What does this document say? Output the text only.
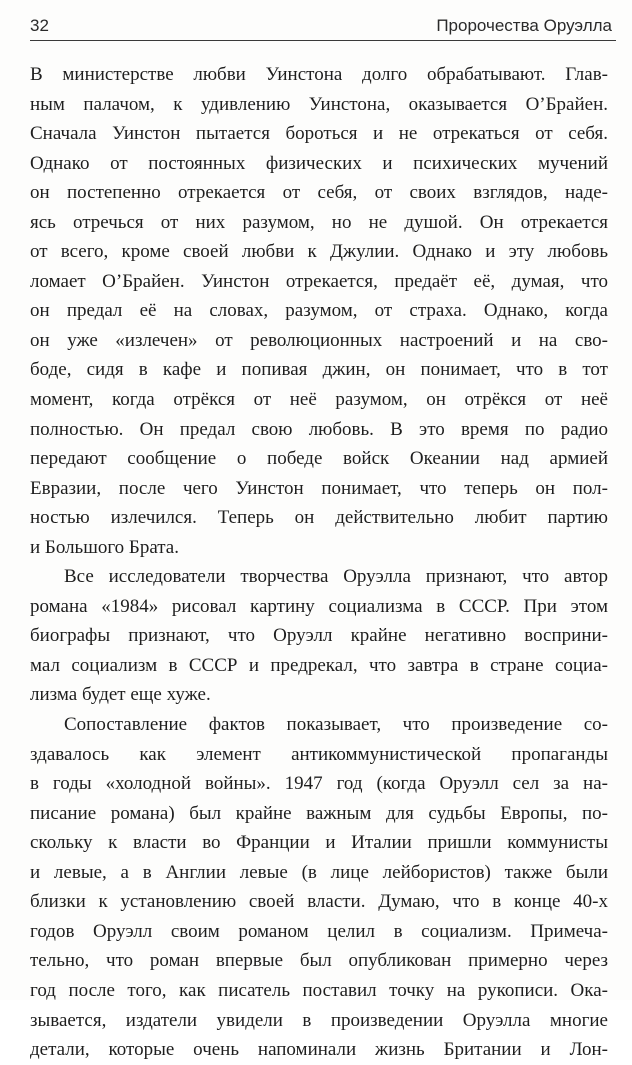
32	Пророчества Оруэлла
В министерстве любви Уинстона долго обрабатывают. Глав-
ным палачом, к удивлению Уинстона, оказывается О’Брайен.
Сначала Уинстон пытается бороться и не отрекаться от себя.
Однако от постоянных физических и психических мучений
он постепенно отрекается от себя, от своих взглядов, наде-
ясь отречься от них разумом, но не душой. Он отрекается
от всего, кроме своей любви к Джулии. Однако и эту любовь
ломает О’Брайен. Уинстон отрекается, предаёт её, думая, что
он предал её на словах, разумом, от страха. Однако, когда
он уже «излечен» от революционных настроений и на сво-
боде, сидя в кафе и попивая джин, он понимает, что в тот
момент, когда отрёкся от неё разумом, он отрёкся от неё
полностью. Он предал свою любовь. В это время по радио
передают сообщение о победе войск Океании над армией
Евразии, после чего Уинстон понимает, что теперь он пол-
ностью излечился. Теперь он действительно любит партию
и Большого Брата.
Все исследователи творчества Оруэлла признают, что автор
романа «1984» рисовал картину социализма в СССР. При этом
биографы признают, что Оруэлл крайне негативно восприни-
мал социализм в СССР и предрекал, что завтра в стране социа-
лизма будет еще хуже.
Сопоставление фактов показывает, что произведение со-
здавалось как элемент антикоммунистической пропаганды
в годы «холодной войны». 1947 год (когда Оруэлл сел за на-
писание романа) был крайне важным для судьбы Европы, по-
скольку к власти во Франции и Италии пришли коммунисты
и левые, а в Англии левые (в лице лейбористов) также были
близки к установлению своей власти. Думаю, что в конце 40-х
годов Оруэлл своим романом целил в социализм. Примеча-
тельно, что роман впервые был опубликован примерно через
год после того, как писатель поставил точку на рукописи. Ока-
зывается, издатели увидели в произведении Оруэлла многие
детали, которые очень напоминали жизнь Британии и Лон-
